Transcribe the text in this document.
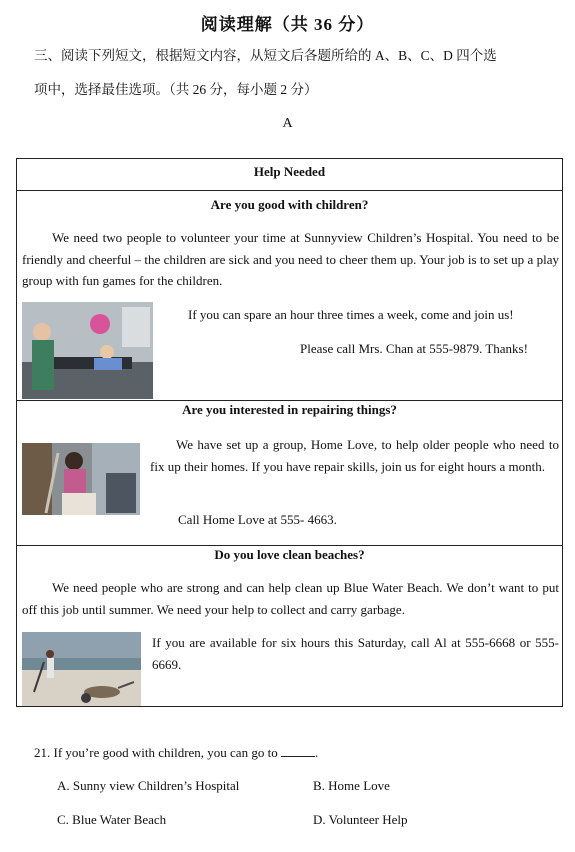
阅读理解（共 36 分）
三、阅读下列短文，根据短文内容，从短文后各题所给的 A、B、C、D 四个选
项中，选择最佳选项。（共 26 分，每小题 2 分）
A
Help Needed
Are you good with children?
We need two people to volunteer your time at Sunnyview Children’s Hospital. You need to be friendly and cheerful – the children are sick and you need to cheer them up. Your job is to set up a play group with fun games for the children.
If you can spare an hour three times a week, come and join us!
Please call Mrs. Chan at 555-9879. Thanks!
Are you interested in repairing things?
We have set up a group, Home Love, to help older people who need to fix up their homes. If you have repair skills, join us for eight hours a month.
Call Home Love at 555- 4663.
Do you love clean beaches?
We need people who are strong and can help clean up Blue Water Beach. We don’t want to put off this job until summer. We need your help to collect and carry garbage.
If you are available for six hours this Saturday, call Al at 555-6668 or 555-6669.
21. If you’re good with children, you can go to	.
A. Sunny view Children’s Hospital	B. Home Love
C. Blue Water Beach	D. Volunteer Help
